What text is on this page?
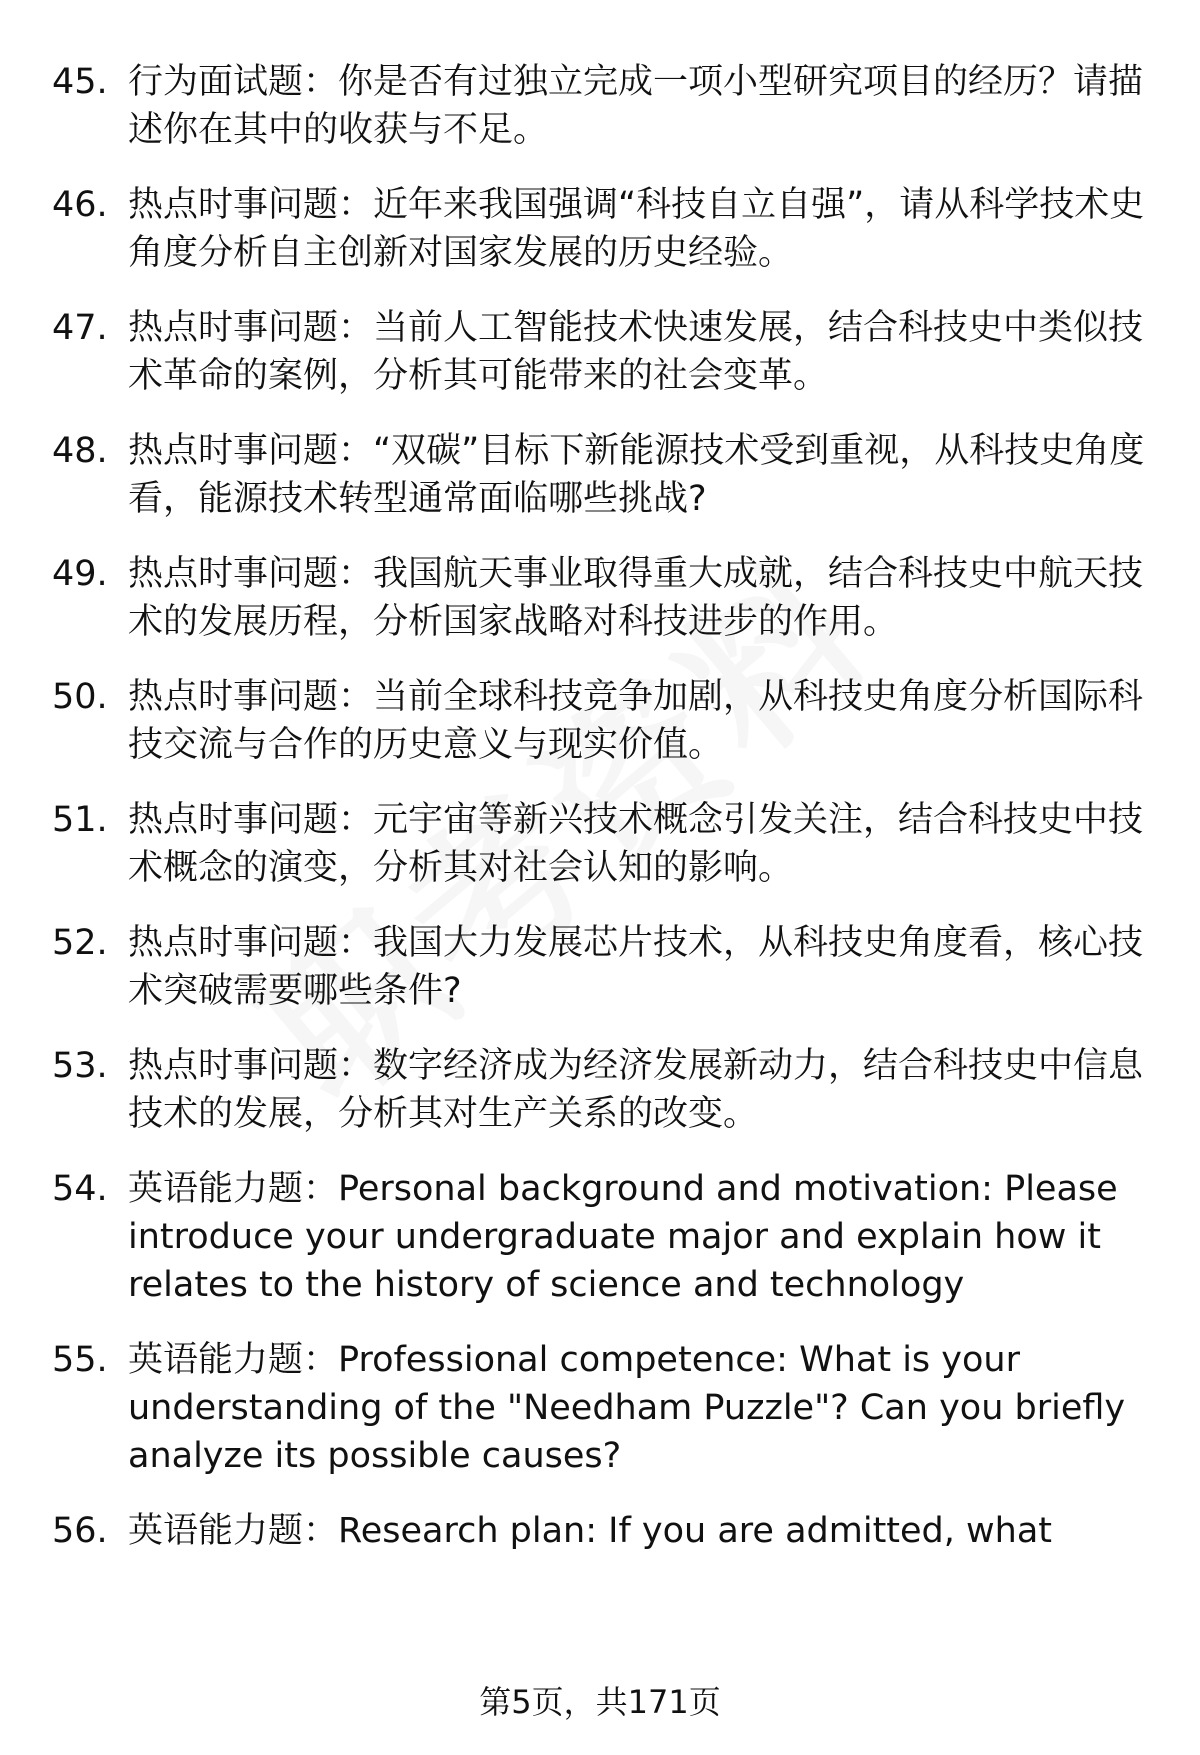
45. 行为面试题：你是否有过独立完成一项小型研究项目的经历？请描述你在其中的收获与不足。
46. 热点时事问题：近年来我国强调“科技自立自强”，请从科学技术史角度分析自主创新对国家发展的历史经验。
47. 热点时事问题：当前人工智能技术快速发展，结合科技史中类似技术革命的案例，分析其可能带来的社会变革。
48. 热点时事问题：“双碳”目标下新能源技术受到重视，从科技史角度看，能源技术转型通常面临哪些挑战?
49. 热点时事问题：我国航天事业取得重大成就，结合科技史中航天技术的发展历程，分析国家战略对科技进步的作用。
50. 热点时事问题：当前全球科技竞争加剧，从科技史角度分析国际科技交流与合作的历史意义与现实价值。
51. 热点时事问题：元宇宙等新兴技术概念引发关注，结合科技史中技术概念的演变，分析其对社会认知的影响。
52. 热点时事问题：我国大力发展芯片技术，从科技史角度看，核心技术突破需要哪些条件?
53. 热点时事问题：数字经济成为经济发展新动力，结合科技史中信息技术的发展，分析其对生产关系的改变。
54. 英语能力题：Personal background and motivation: Please introduce your undergraduate major and explain how it relates to the history of science and technology
55. 英语能力题：Professional competence: What is your understanding of the "Needham Puzzle"? Can you briefly analyze its possible causes?
56. 英语能力题：Research plan: If you are admitted, what
第5页，共171页
